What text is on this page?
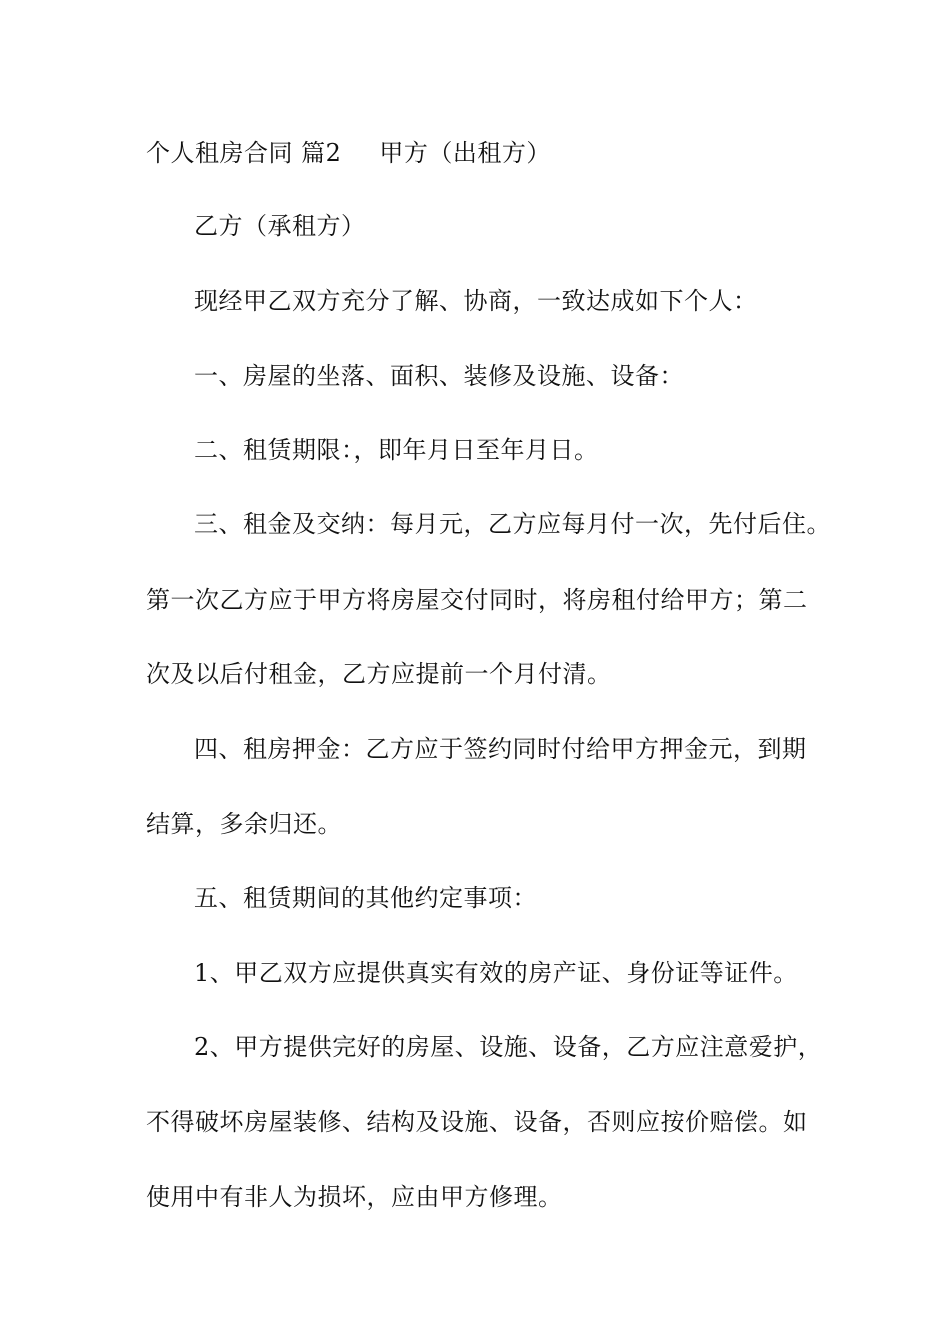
个人租房合同 篇2 甲方（出租方）
乙方（承租方）
现经甲乙双方充分了解、协商，一致达成如下个人：
一、房屋的坐落、面积、装修及设施、设备：
二、租赁期限：，即年月日至年月日。
三、租金及交纳：每月元，乙方应每月付一次，先付后住。
第一次乙方应于甲方将房屋交付同时，将房租付给甲方；第二
次及以后付租金，乙方应提前一个月付清。
四、租房押金：乙方应于签约同时付给甲方押金元，到期
结算，多余归还。
五、租赁期间的其他约定事项：
1、甲乙双方应提供真实有效的房产证、身份证等证件。
2、甲方提供完好的房屋、设施、设备，乙方应注意爱护，
不得破坏房屋装修、结构及设施、设备，否则应按价赔偿。如
使用中有非人为损坏，应由甲方修理。
